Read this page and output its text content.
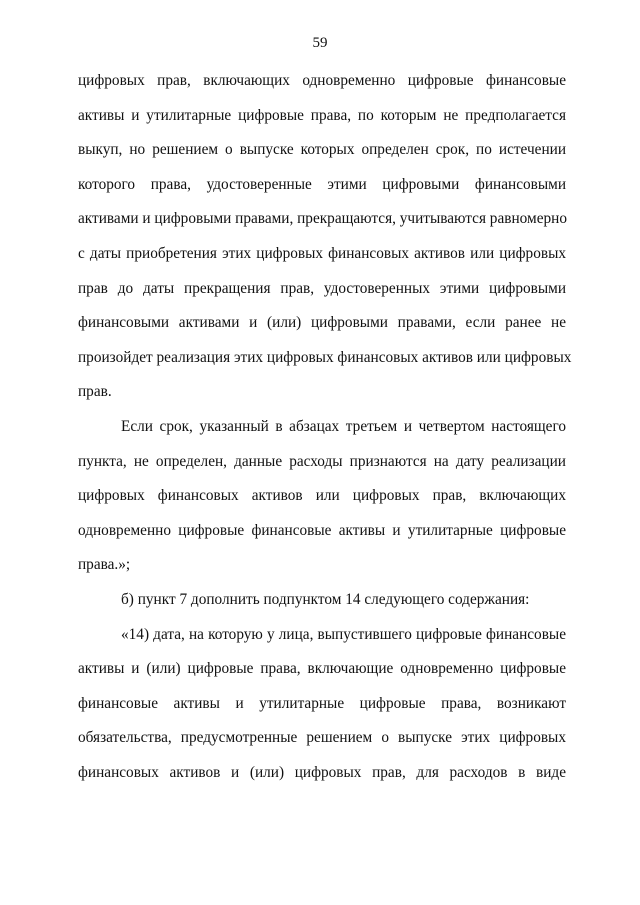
59
цифровых прав, включающих одновременно цифровые финансовые
активы и утилитарные цифровые права, по которым не предполагается
выкуп, но решением о выпуске которых определен срок, по истечении
которого права, удостоверенные этими цифровыми финансовыми
активами и цифровыми правами, прекращаются, учитываются равномерно
с даты приобретения этих цифровых финансовых активов или цифровых
прав до даты прекращения прав, удостоверенных этими цифровыми
финансовыми активами и (или) цифровыми правами, если ранее не
произойдет реализация этих цифровых финансовых активов или цифровых
прав.
Если срок, указанный в абзацах третьем и четвертом настоящего
пункта, не определен, данные расходы признаются на дату реализации
цифровых финансовых активов или цифровых прав, включающих
одновременно цифровые финансовые активы и утилитарные цифровые
права.»;
б) пункт 7 дополнить подпунктом 14 следующего содержания:
«14) дата, на которую у лица, выпустившего цифровые финансовые
активы и (или) цифровые права, включающие одновременно цифровые
финансовые активы и утилитарные цифровые права, возникают
обязательства, предусмотренные решением о выпуске этих цифровых
финансовых активов и (или) цифровых прав, для расходов в виде
